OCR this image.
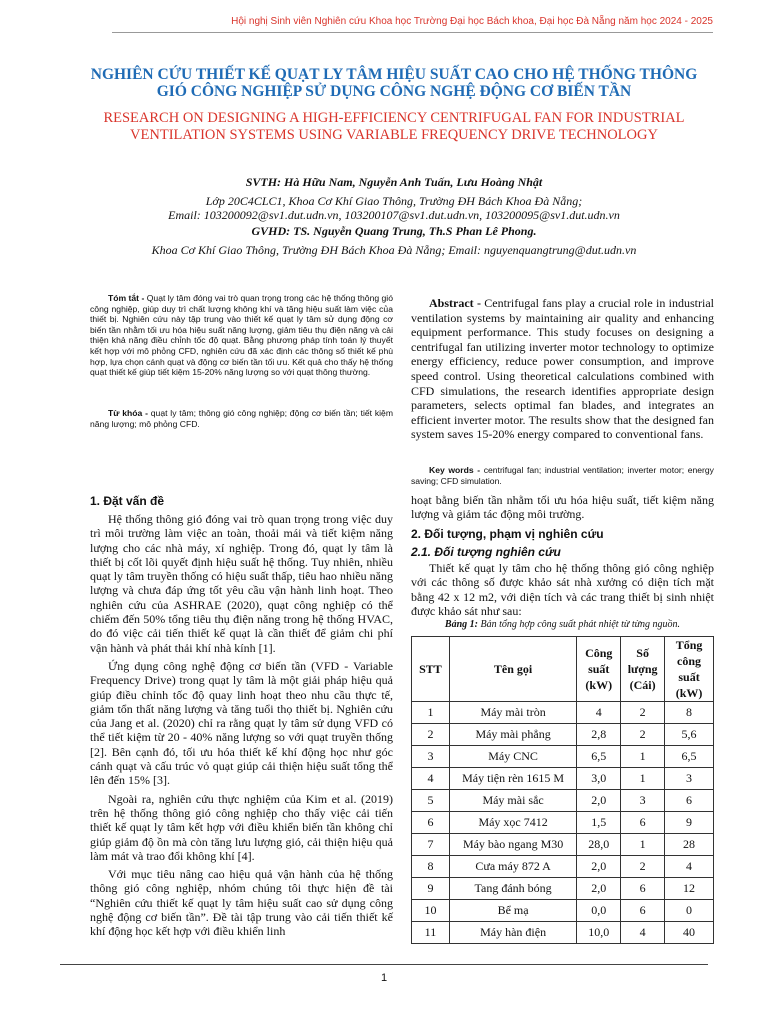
Hội nghị Sinh viên Nghiên cứu Khoa học Trường Đại học Bách khoa, Đại học Đà Nẵng năm học 2024 - 2025
NGHIÊN CỨU THIẾT KẾ QUẠT LY TÂM HIỆU SUẤT CAO CHO HỆ THỐNG THÔNG GIÓ CÔNG NGHIỆP SỬ DỤNG CÔNG NGHỆ ĐỘNG CƠ BIẾN TẦN
RESEARCH ON DESIGNING A HIGH-EFFICIENCY CENTRIFUGAL FAN FOR INDUSTRIAL VENTILATION SYSTEMS USING VARIABLE FREQUENCY DRIVE TECHNOLOGY
SVTH: Hà Hữu Nam, Nguyễn Anh Tuấn, Lưu Hoàng Nhật
Lớp 20C4CLC1, Khoa Cơ Khí Giao Thông, Trường ĐH Bách Khoa Đà Nẵng;
Email: 103200092@sv1.dut.udn.vn, 103200107@sv1.dut.udn.vn, 103200095@sv1.dut.udn.vn
GVHD: TS. Nguyễn Quang Trung, Th.S Phan Lê Phong.
Khoa Cơ Khí Giao Thông, Trường ĐH Bách Khoa Đà Nẵng; Email: nguyenquangtrung@dut.udn.vn
Tóm tắt - Quạt ly tâm đóng vai trò quan trọng trong các hệ thống thông gió công nghiệp, giúp duy trì chất lượng không khí và tăng hiệu suất làm việc của thiết bị. Nghiên cứu này tập trung vào thiết kế quạt ly tâm sử dụng động cơ biến tần nhằm tối ưu hóa hiệu suất năng lượng, giảm tiêu thụ điện năng và cải thiện khả năng điều chỉnh tốc độ quạt. Bằng phương pháp tính toán lý thuyết kết hợp với mô phỏng CFD, nghiên cứu đã xác định các thông số thiết kế phù hợp, lựa chọn cánh quạt và động cơ biến tần tối ưu. Kết quả cho thấy hệ thống quạt thiết kế giúp tiết kiệm 15-20% năng lượng so với quạt thông thường.
Từ khóa - quạt ly tâm; thông gió công nghiệp; động cơ biến tần; tiết kiệm năng lượng; mô phỏng CFD.
Abstract - Centrifugal fans play a crucial role in industrial ventilation systems by maintaining air quality and enhancing equipment performance. This study focuses on designing a centrifugal fan utilizing inverter motor technology to optimize energy efficiency, reduce power consumption, and improve speed control. Using theoretical calculations combined with CFD simulations, the research identifies appropriate design parameters, selects optimal fan blades, and integrates an efficient inverter motor. The results show that the designed fan system saves 15-20% energy compared to conventional fans.
Key words - centrifugal fan; industrial ventilation; inverter motor; energy saving; CFD simulation.
1. Đặt vấn đề

Hệ thống thông gió đóng vai trò quan trọng trong việc duy trì môi trường làm việc an toàn, thoải mái và tiết kiệm năng lượng cho các nhà máy, xí nghiệp. Trong đó, quạt ly tâm là thiết bị cốt lõi quyết định hiệu suất hệ thống. Tuy nhiên, nhiều quạt ly tâm truyền thống có hiệu suất thấp, tiêu hao nhiều năng lượng và chưa đáp ứng tốt yêu cầu vận hành linh hoạt. Theo nghiên cứu của ASHRAE (2020), quạt công nghiệp có thể chiếm đến 50% tổng tiêu thụ điện năng trong hệ thống HVAC, do đó việc cải tiến thiết kế quạt là cần thiết để giảm chi phí vận hành và phát thải khí nhà kính [1].

Ứng dụng công nghệ động cơ biến tần (VFD - Variable Frequency Drive) trong quạt ly tâm là một giải pháp hiệu quả giúp điều chỉnh tốc độ quay linh hoạt theo nhu cầu thực tế, giảm tổn thất năng lượng và tăng tuổi thọ thiết bị. Nghiên cứu của Jang et al. (2020) chỉ ra rằng quạt ly tâm sử dụng VFD có thể tiết kiệm từ 20 - 40% năng lượng so với quạt truyền thống [2]. Bên cạnh đó, tối ưu hóa thiết kế khí động học như góc cánh quạt và cấu trúc vỏ quạt giúp cải thiện hiệu suất tổng thể lên đến 15% [3].

Ngoài ra, nghiên cứu thực nghiệm của Kim et al. (2019) trên hệ thống thông gió công nghiệp cho thấy việc cải tiến thiết kế quạt ly tâm kết hợp với điều khiển biến tần không chỉ giúp giảm độ ồn mà còn tăng lưu lượng gió, cải thiện hiệu quả làm mát và trao đổi không khí [4].

Với mục tiêu nâng cao hiệu quả vận hành của hệ thống thông gió công nghiệp, nhóm chúng tôi thực hiện đề tài “Nghiên cứu thiết kế quạt ly tâm hiệu suất cao sử dụng công nghệ động cơ biến tần”. Đề tài tập trung vào cải tiến thiết kế khí động học kết hợp với điều khiển linh

hoạt bằng biến tần nhằm tối ưu hóa hiệu suất, tiết kiệm năng lượng và giảm tác động môi trường.
2. Đối tượng, phạm vị nghiên cứu
2.1. Đối tượng nghiên cứu

Thiết kế quạt ly tâm cho hệ thống thông gió công nghiệp với các thông số được khảo sát nhà xưởng có diện tích mặt bằng 42 x 12 m2, với diện tích và các trang thiết bị sinh nhiệt được khảo sát như sau:

Bảng 1: Bản tổng hợp công suất phát nhiệt từ từng nguồn.
STT	Tên gọi	Công suất (kW)	Số lượng (Cái)	Tổng công suất (kW)
1	Máy mài tròn	4	2	8
2	Máy mài phẳng	2,8	2	5,6
3	Máy CNC	6,5	1	6,5
4	Máy tiện rèn 1615 M	3,0	1	3
5	Máy mài sắc	2,0	3	6
6	Máy xọc 7412	1,5	6	9
7	Máy bào ngang M30	28,0	1	28
8	Cưa máy 872 A	2,0	2	4
9	Tang đánh bóng	2,0	6	12
10	Bể mạ	0,0	6	0
11	Máy hàn điện	10,0	4	40
1
